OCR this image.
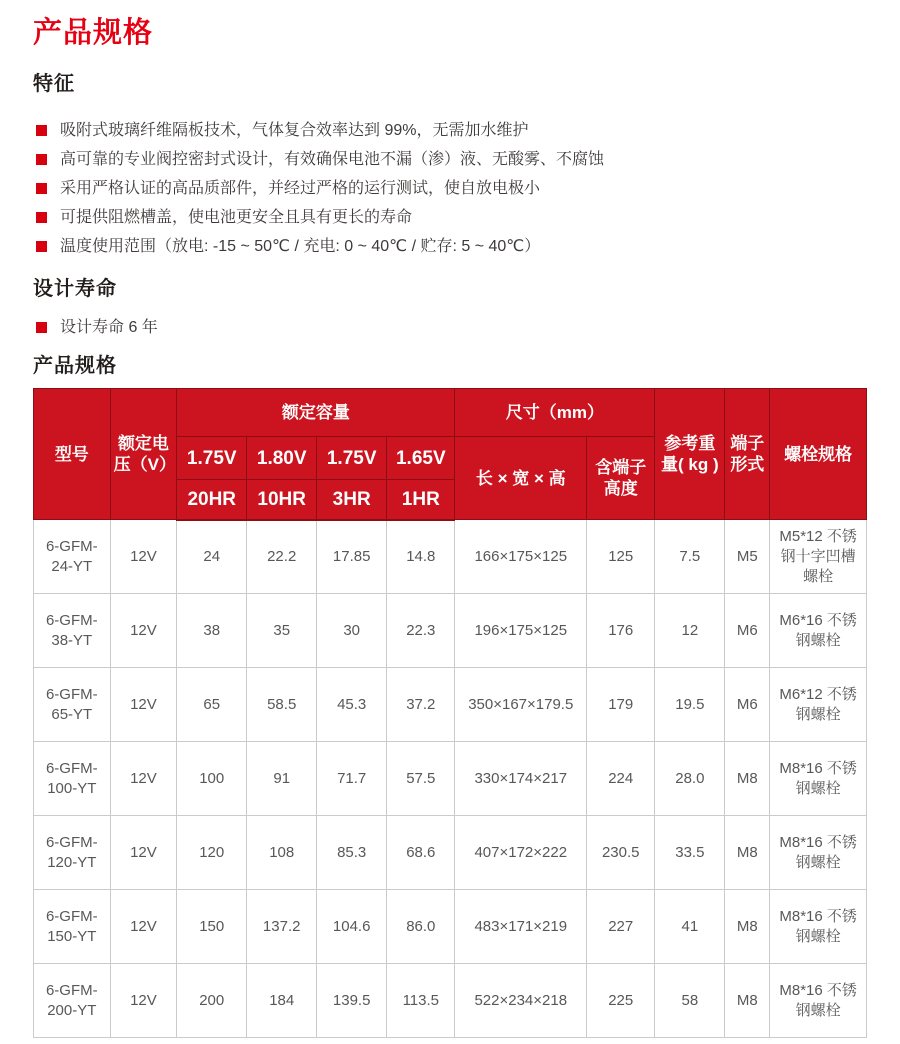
产品规格
特征
吸附式玻璃纤维隔板技术，气体复合效率达到 99%，无需加水维护
高可靠的专业阀控密封式设计，有效确保电池不漏（渗）液、无酸雾、不腐蚀
采用严格认证的高品质部件，并经过严格的运行测试，使自放电极小
可提供阻燃槽盖，使电池更安全且具有更长的寿命
温度使用范围（放电: -15 ~ 50℃ / 充电: 0 ~ 40℃ / 贮存: 5 ~ 40℃）
设计寿命
设计寿命 6 年
产品规格
型号	额定电压（V）	额定容量				尺寸（mm）		参考重量( kg )	端子形式	螺栓规格
		1.75V	1.80V	1.75V	1.65V	长 × 宽 × 高	含端子高度			
		20HR	10HR	3HR	1HR					
6-GFM-24-YT	12V	24	22.2	17.85	14.8	166×175×125	125	7.5	M5	M5*12 不锈钢十字凹槽螺栓
6-GFM-38-YT	12V	38	35	30	22.3	196×175×125	176	12	M6	M6*16 不锈钢螺栓
6-GFM-65-YT	12V	65	58.5	45.3	37.2	350×167×179.5	179	19.5	M6	M6*12 不锈钢螺栓
6-GFM-100-YT	12V	100	91	71.7	57.5	330×174×217	224	28.0	M8	M8*16 不锈钢螺栓
6-GFM-120-YT	12V	120	108	85.3	68.6	407×172×222	230.5	33.5	M8	M8*16 不锈钢螺栓
6-GFM-150-YT	12V	150	137.2	104.6	86.0	483×171×219	227	41	M8	M8*16 不锈钢螺栓
6-GFM-200-YT	12V	200	184	139.5	113.5	522×234×218	225	58	M8	M8*16 不锈钢螺栓
